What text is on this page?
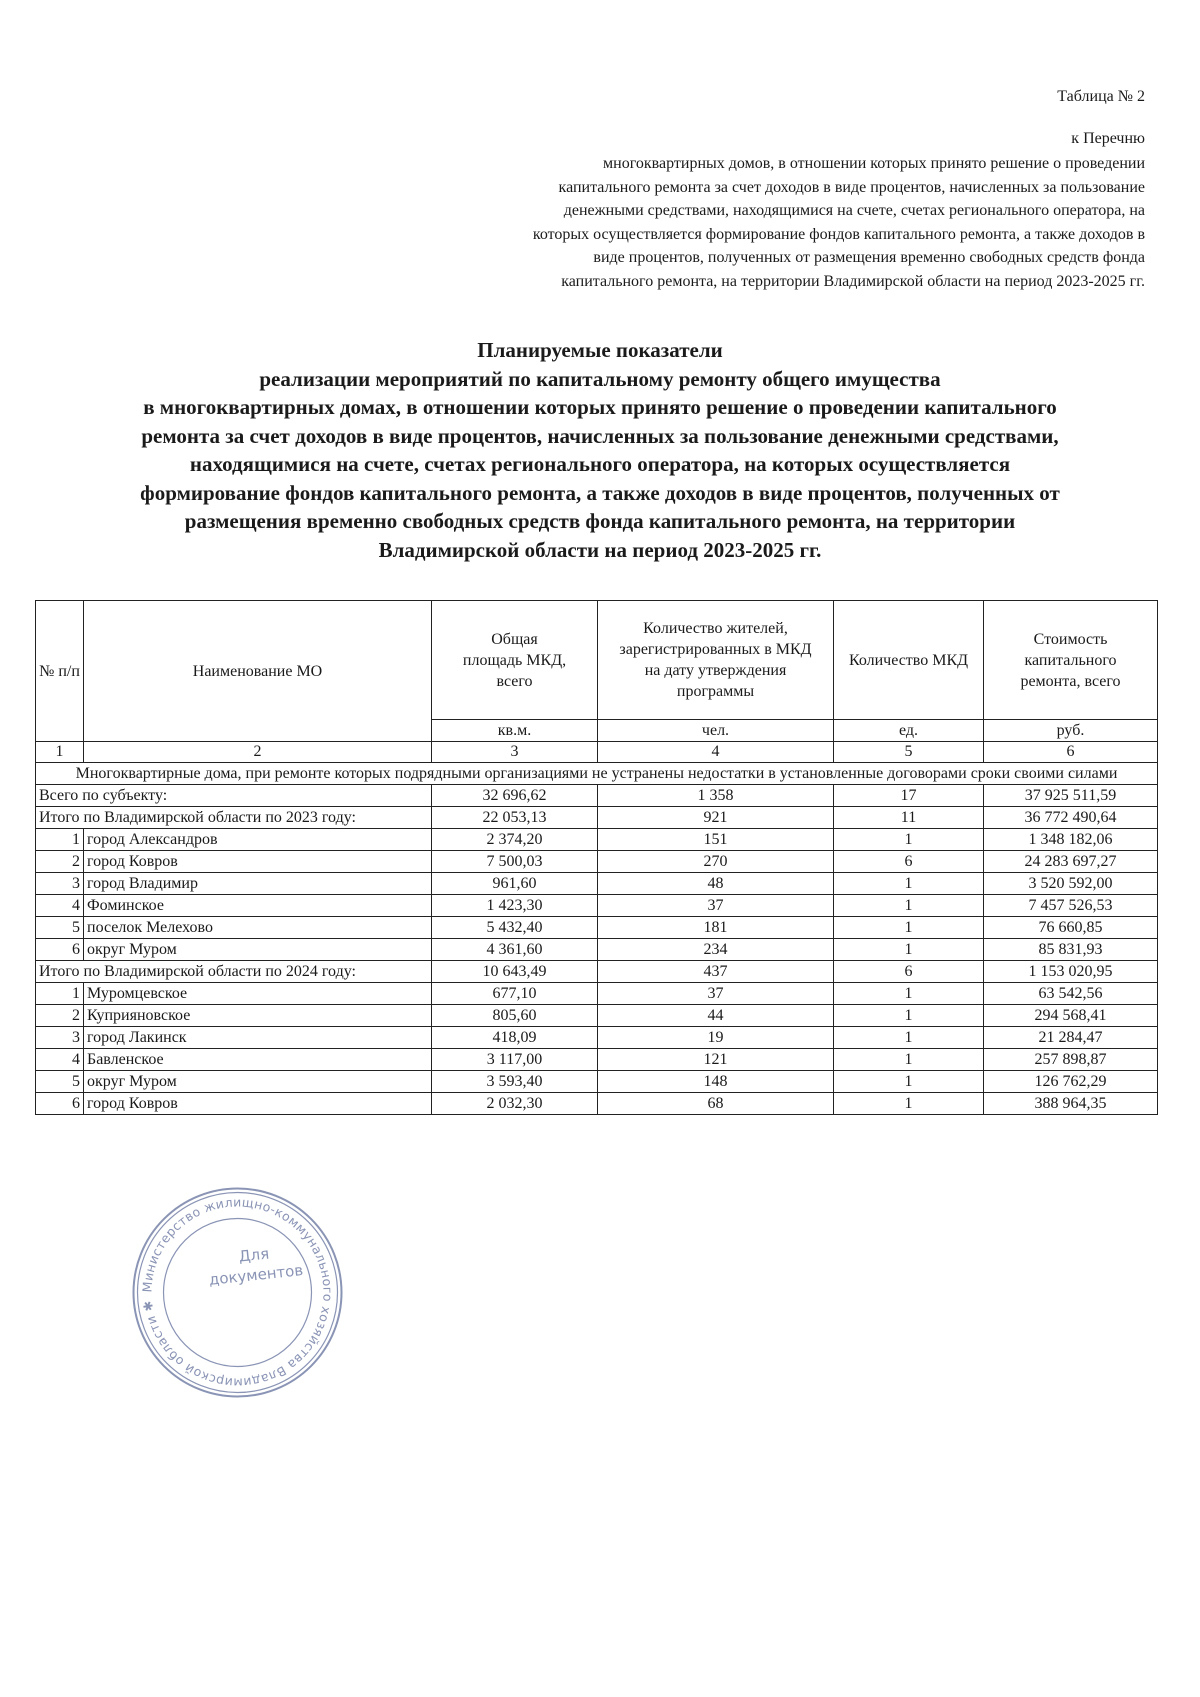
Таблица № 2
к Перечню
многоквартирных домов, в отношении которых принято решение о проведении
капитального ремонта за счет доходов в виде процентов, начисленных за пользование
денежными средствами, находящимися на счете, счетах регионального оператора, на
которых осуществляется формирование фондов капитального ремонта, а также доходов в
виде процентов, полученных от размещения временно свободных средств фонда
капитального ремонта, на территории Владимирской области на период 2023-2025 гг.
Планируемые показатели
реализации мероприятий по капитальному ремонту общего имущества
в многоквартирных домах, в отношении которых принято решение о проведении капитального
ремонта за счет доходов в виде процентов, начисленных за пользование денежными средствами,
находящимися на счете, счетах регионального оператора, на которых осуществляется
формирование фондов капитального ремонта, а также доходов в виде процентов, полученных от
размещения временно свободных средств фонда капитального ремонта, на территории
Владимирской области на период 2023-2025 гг.
№ п/п	Наименование МО	Общая площадь МКД, всего	Количество жителей, зарегистрированных в МКД на дату утверждения программы	Количество МКД	Стоимость капитального ремонта, всего
		кв.м.	чел.	ед.	руб.
1	2	3	4	5	6
Многоквартирные дома, при ремонте которых подрядными организациями не устранены недостатки в установленные договорами сроки своими силами					
Всего по субъекту:		32 696,62	1 358	17	37 925 511,59
Итого по Владимирской области по 2023 году:		22 053,13	921	11	36 772 490,64
1	город Александров	2 374,20	151	1	1 348 182,06
2	город Ковров	7 500,03	270	6	24 283 697,27
3	город Владимир	961,60	48	1	3 520 592,00
4	Фоминское	1 423,30	37	1	7 457 526,53
5	поселок Мелехово	5 432,40	181	1	76 660,85
6	округ Муром	4 361,60	234	1	85 831,93
Итого по Владимирской области по 2024 году:		10 643,49	437	6	1 153 020,95
1	Муромцевское	677,10	37	1	63 542,56
2	Куприяновское	805,60	44	1	294 568,41
3	город Лакинск	418,09	19	1	21 284,47
4	Бавленское	3 117,00	121	1	257 898,87
5	округ Муром	3 593,40	148	1	126 762,29
6	город Ковров	2 032,30	68	1	388 964,35
Министерство жилищно-коммунального хозяйства Владимирской области ✱
Для
документов
